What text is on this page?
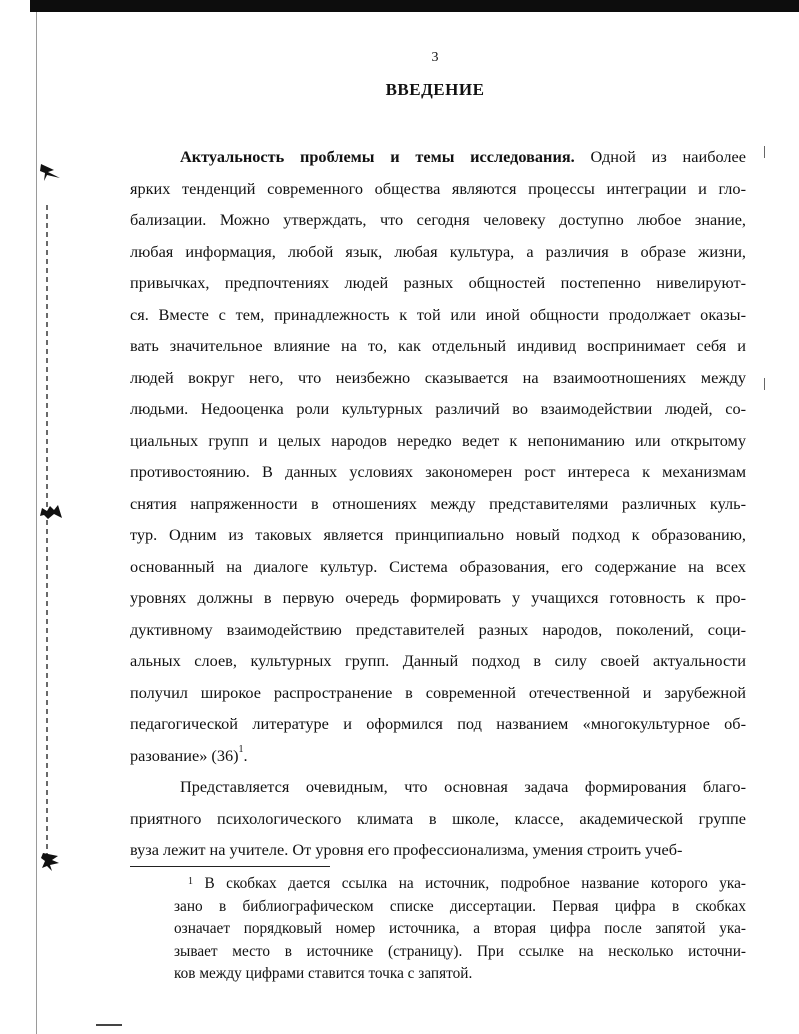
3
ВВЕДЕНИЕ
Актуальность проблемы и темы исследования. Одной из наиболее
ярких тенденций современного общества являются процессы интеграции и гло-
бализации. Можно утверждать, что сегодня человеку доступно любое знание,
любая информация, любой язык, любая культура, а различия в образе жизни,
привычках, предпочтениях людей разных общностей постепенно нивелируют-
ся. Вместе с тем, принадлежность к той или иной общности продолжает оказы-
вать значительное влияние на то, как отдельный индивид воспринимает себя и
людей вокруг него, что неизбежно сказывается на взаимоотношениях между
людьми. Недооценка роли культурных различий во взаимодействии людей, со-
циальных групп и целых народов нередко ведет к непониманию или открытому
противостоянию. В данных условиях закономерен рост интереса к механизмам
снятия напряженности в отношениях между представителями различных куль-
тур. Одним из таковых является принципиально новый подход к образованию,
основанный на диалоге культур. Система образования, его содержание на всех
уровнях должны в первую очередь формировать у учащихся готовность к про-
дуктивному взаимодействию представителей разных народов, поколений, соци-
альных слоев, культурных групп. Данный подход в силу своей актуальности
получил широкое распространение в современной отечественной и зарубежной
педагогической литературе и оформился под названием «многокультурное об-
разование» $(36)^1$.
Представляется очевидным, что основная задача формирования благо-
приятного психологического климата в школе, классе, академической группе
вуза лежит на учителе. От уровня его профессионализма, умения строить учеб-
$^1$ В скобках дается ссылка на источник, подробное название которого ука-
зано в библиографическом списке диссертации. Первая цифра в скобках
означает порядковый номер источника, а вторая цифра после запятой ука-
зывает место в источнике (страницу). При ссылке на несколько источни-
ков между цифрами ставится точка с запятой.
